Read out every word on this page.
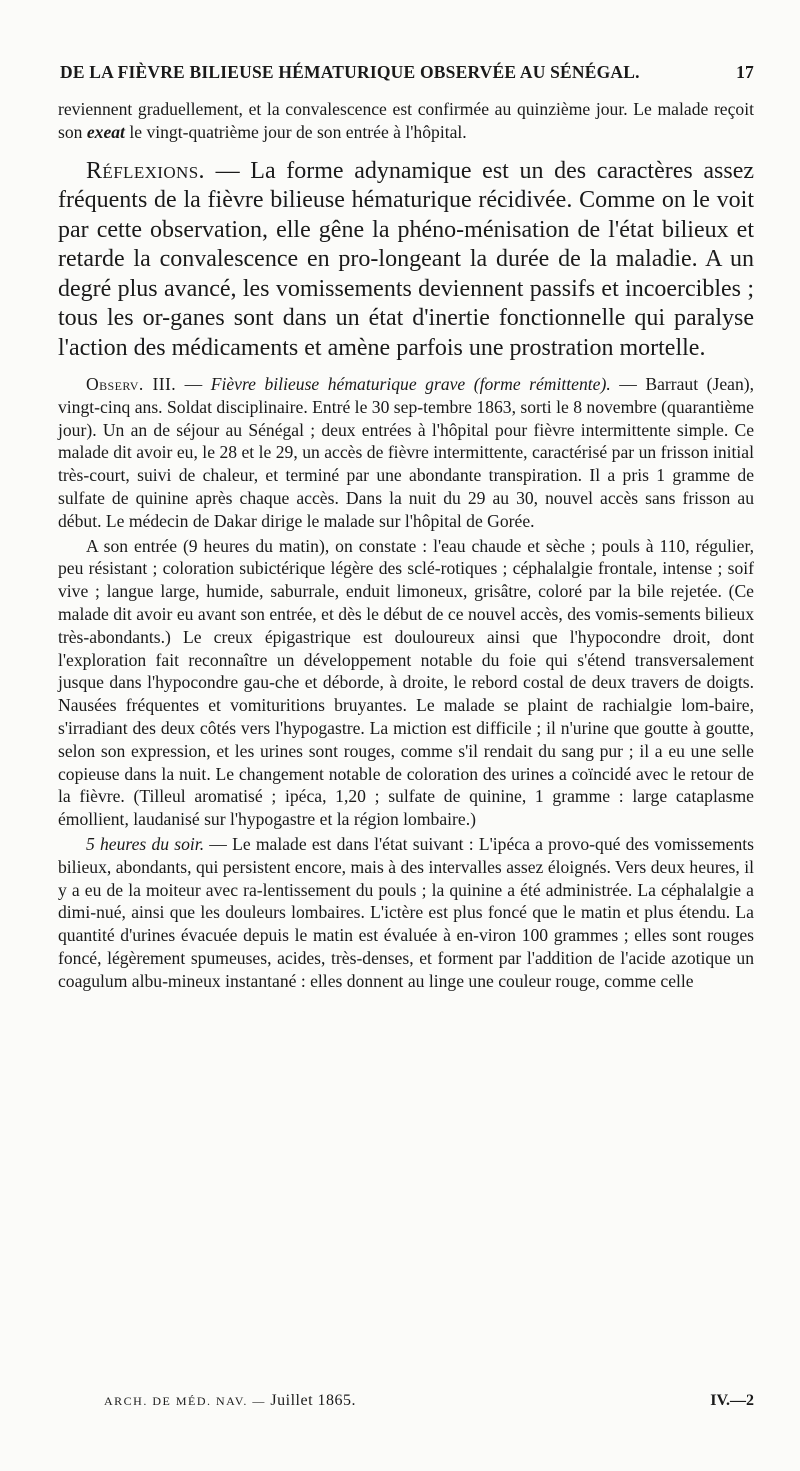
DE LA FIÈVRE BILIEUSE HÉMATURIQUE OBSERVÉE AU SÉNÉGAL.	17

reviennent graduellement, et la convalescence est confirmée au quinzième jour. Le malade reçoit son exeat le vingt-quatrième jour de son entrée à l'hôpital.

Réflexions. — La forme adynamique est un des caractères assez fréquents de la fièvre bilieuse hématurique récidivée. Comme on le voit par cette observation, elle gêne la phéno-ménisation de l'état bilieux et retarde la convalescence en pro-longeant la durée de la maladie. A un degré plus avancé, les vomissements deviennent passifs et incoercibles ; tous les or-ganes sont dans un état d'inertie fonctionnelle qui paralyse l'action des médicaments et amène parfois une prostration mortelle.

Observ. III. — Fièvre bilieuse hématurique grave (forme rémittente). — Barraut (Jean), vingt-cinq ans. Soldat disciplinaire. Entré le 30 sep-tembre 1863, sorti le 8 novembre (quarantième jour). Un an de séjour au Sénégal ; deux entrées à l'hôpital pour fièvre intermittente simple. Ce malade dit avoir eu, le 28 et le 29, un accès de fièvre intermittente, caractérisé par un frisson initial très-court, suivi de chaleur, et terminé par une abondante transpiration. Il a pris 1 gramme de sulfate de quinine après chaque accès. Dans la nuit du 29 au 30, nouvel accès sans frisson au début. Le médecin de Dakar dirige le malade sur l'hôpital de Gorée.

A son entrée (9 heures du matin), on constate : l'eau chaude et sèche ; pouls à 110, régulier, peu résistant ; coloration subictérique légère des sclé-rotiques ; céphalalgie frontale, intense ; soif vive ; langue large, humide, saburrale, enduit limoneux, grisâtre, coloré par la bile rejetée. (Ce malade dit avoir eu avant son entrée, et dès le début de ce nouvel accès, des vomis-sements bilieux très-abondants.) Le creux épigastrique est douloureux ainsi que l'hypocondre droit, dont l'exploration fait reconnaître un développement notable du foie qui s'étend transversalement jusque dans l'hypocondre gau-che et déborde, à droite, le rebord costal de deux travers de doigts. Nausées fréquentes et vomituritions bruyantes. Le malade se plaint de rachialgie lom-baire, s'irradiant des deux côtés vers l'hypogastre. La miction est difficile ; il n'urine que goutte à goutte, selon son expression, et les urines sont rouges, comme s'il rendait du sang pur ; il a eu une selle copieuse dans la nuit. Le changement notable de coloration des urines a coïncidé avec le retour de la fièvre. (Tilleul aromatisé ; ipéca, 1,20 ; sulfate de quinine, 1 gramme : large cataplasme émollient, laudanisé sur l'hypogastre et la région lombaire.)

5 heures du soir. — Le malade est dans l'état suivant : L'ipéca a provo-qué des vomissements bilieux, abondants, qui persistent encore, mais à des intervalles assez éloignés. Vers deux heures, il y a eu de la moiteur avec ra-lentissement du pouls ; la quinine a été administrée. La céphalalgie a dimi-nué, ainsi que les douleurs lombaires. L'ictère est plus foncé que le matin et plus étendu. La quantité d'urines évacuée depuis le matin est évaluée à en-viron 100 grammes ; elles sont rouges foncé, légèrement spumeuses, acides, très-denses, et forment par l'addition de l'acide azotique un coagulum albu-mineux instantané : elles donnent au linge une couleur rouge, comme celle

ARCH. DE MÉD. NAV. — Juillet 1865.	IV.—2
